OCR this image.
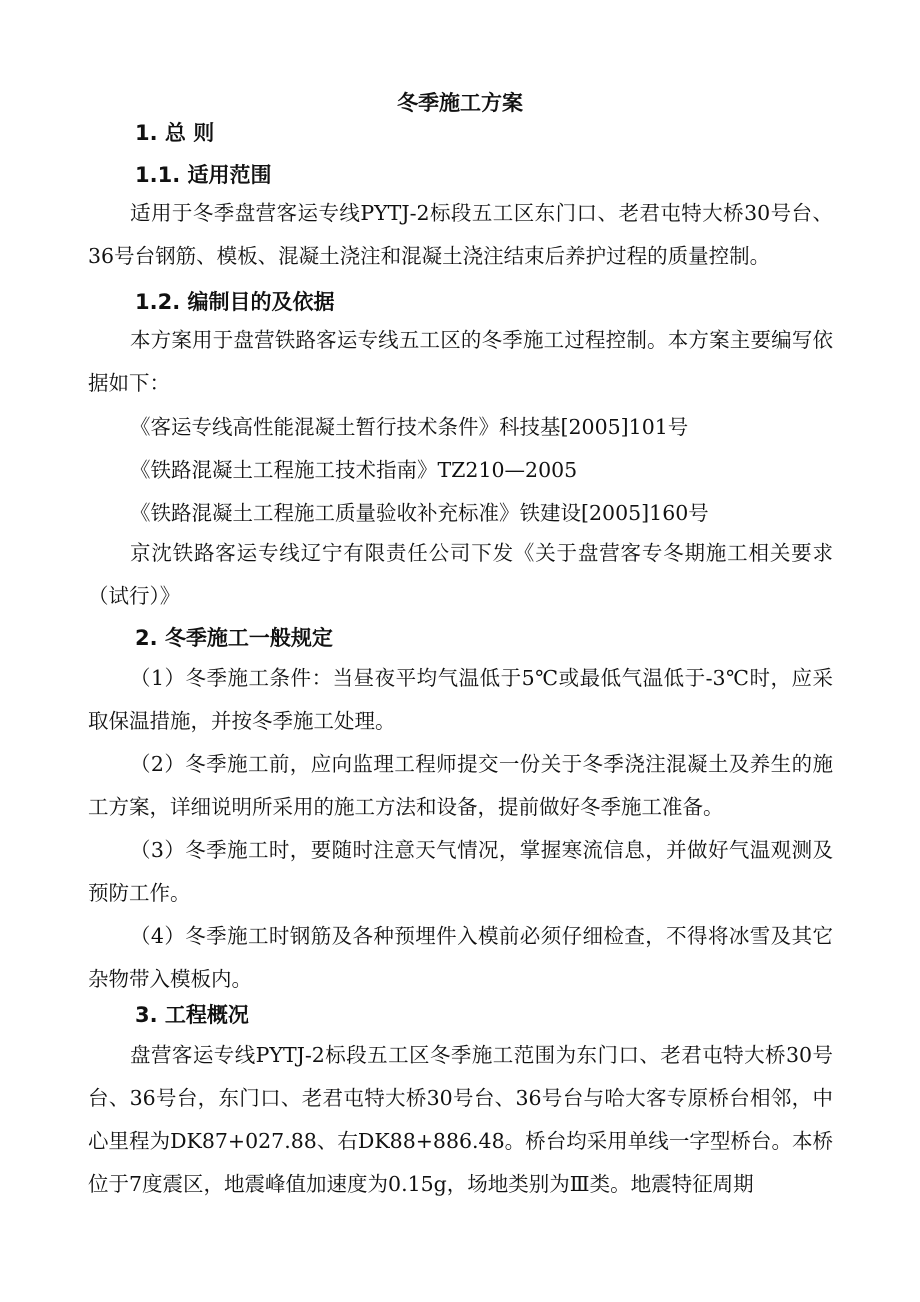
冬季施工方案
1. 总 则
1.1. 适用范围
适用于冬季盘营客运专线PYTJ-2标段五工区东门口、老君屯特大桥30号台、36号台钢筋、模板、混凝土浇注和混凝土浇注结束后养护过程的质量控制。
1.2. 编制目的及依据
本方案用于盘营铁路客运专线五工区的冬季施工过程控制。本方案主要编写依据如下：
《客运专线高性能混凝土暂行技术条件》科技基[2005]101号
《铁路混凝土工程施工技术指南》TZ210—2005
《铁路混凝土工程施工质量验收补充标准》铁建设[2005]160号
京沈铁路客运专线辽宁有限责任公司下发《关于盘营客专冬期施工相关要求（试行）》
2. 冬季施工一般规定
（1）冬季施工条件：当昼夜平均气温低于5℃或最低气温低于-3℃时，应采取保温措施，并按冬季施工处理。
（2）冬季施工前，应向监理工程师提交一份关于冬季浇注混凝土及养生的施工方案，详细说明所采用的施工方法和设备，提前做好冬季施工准备。
（3）冬季施工时，要随时注意天气情况，掌握寒流信息，并做好气温观测及预防工作。
（4）冬季施工时钢筋及各种预埋件入模前必须仔细检查，不得将冰雪及其它杂物带入模板内。
3. 工程概况
盘营客运专线PYTJ-2标段五工区冬季施工范围为东门口、老君屯特大桥30号台、36号台，东门口、老君屯特大桥30号台、36号台与哈大客专原桥台相邻，中心里程为DK87+027.88、右DK88+886.48。桥台均采用单线一字型桥台。本桥位于7度震区，地震峰值加速度为0.15g，场地类别为Ⅲ类。地震特征周期
